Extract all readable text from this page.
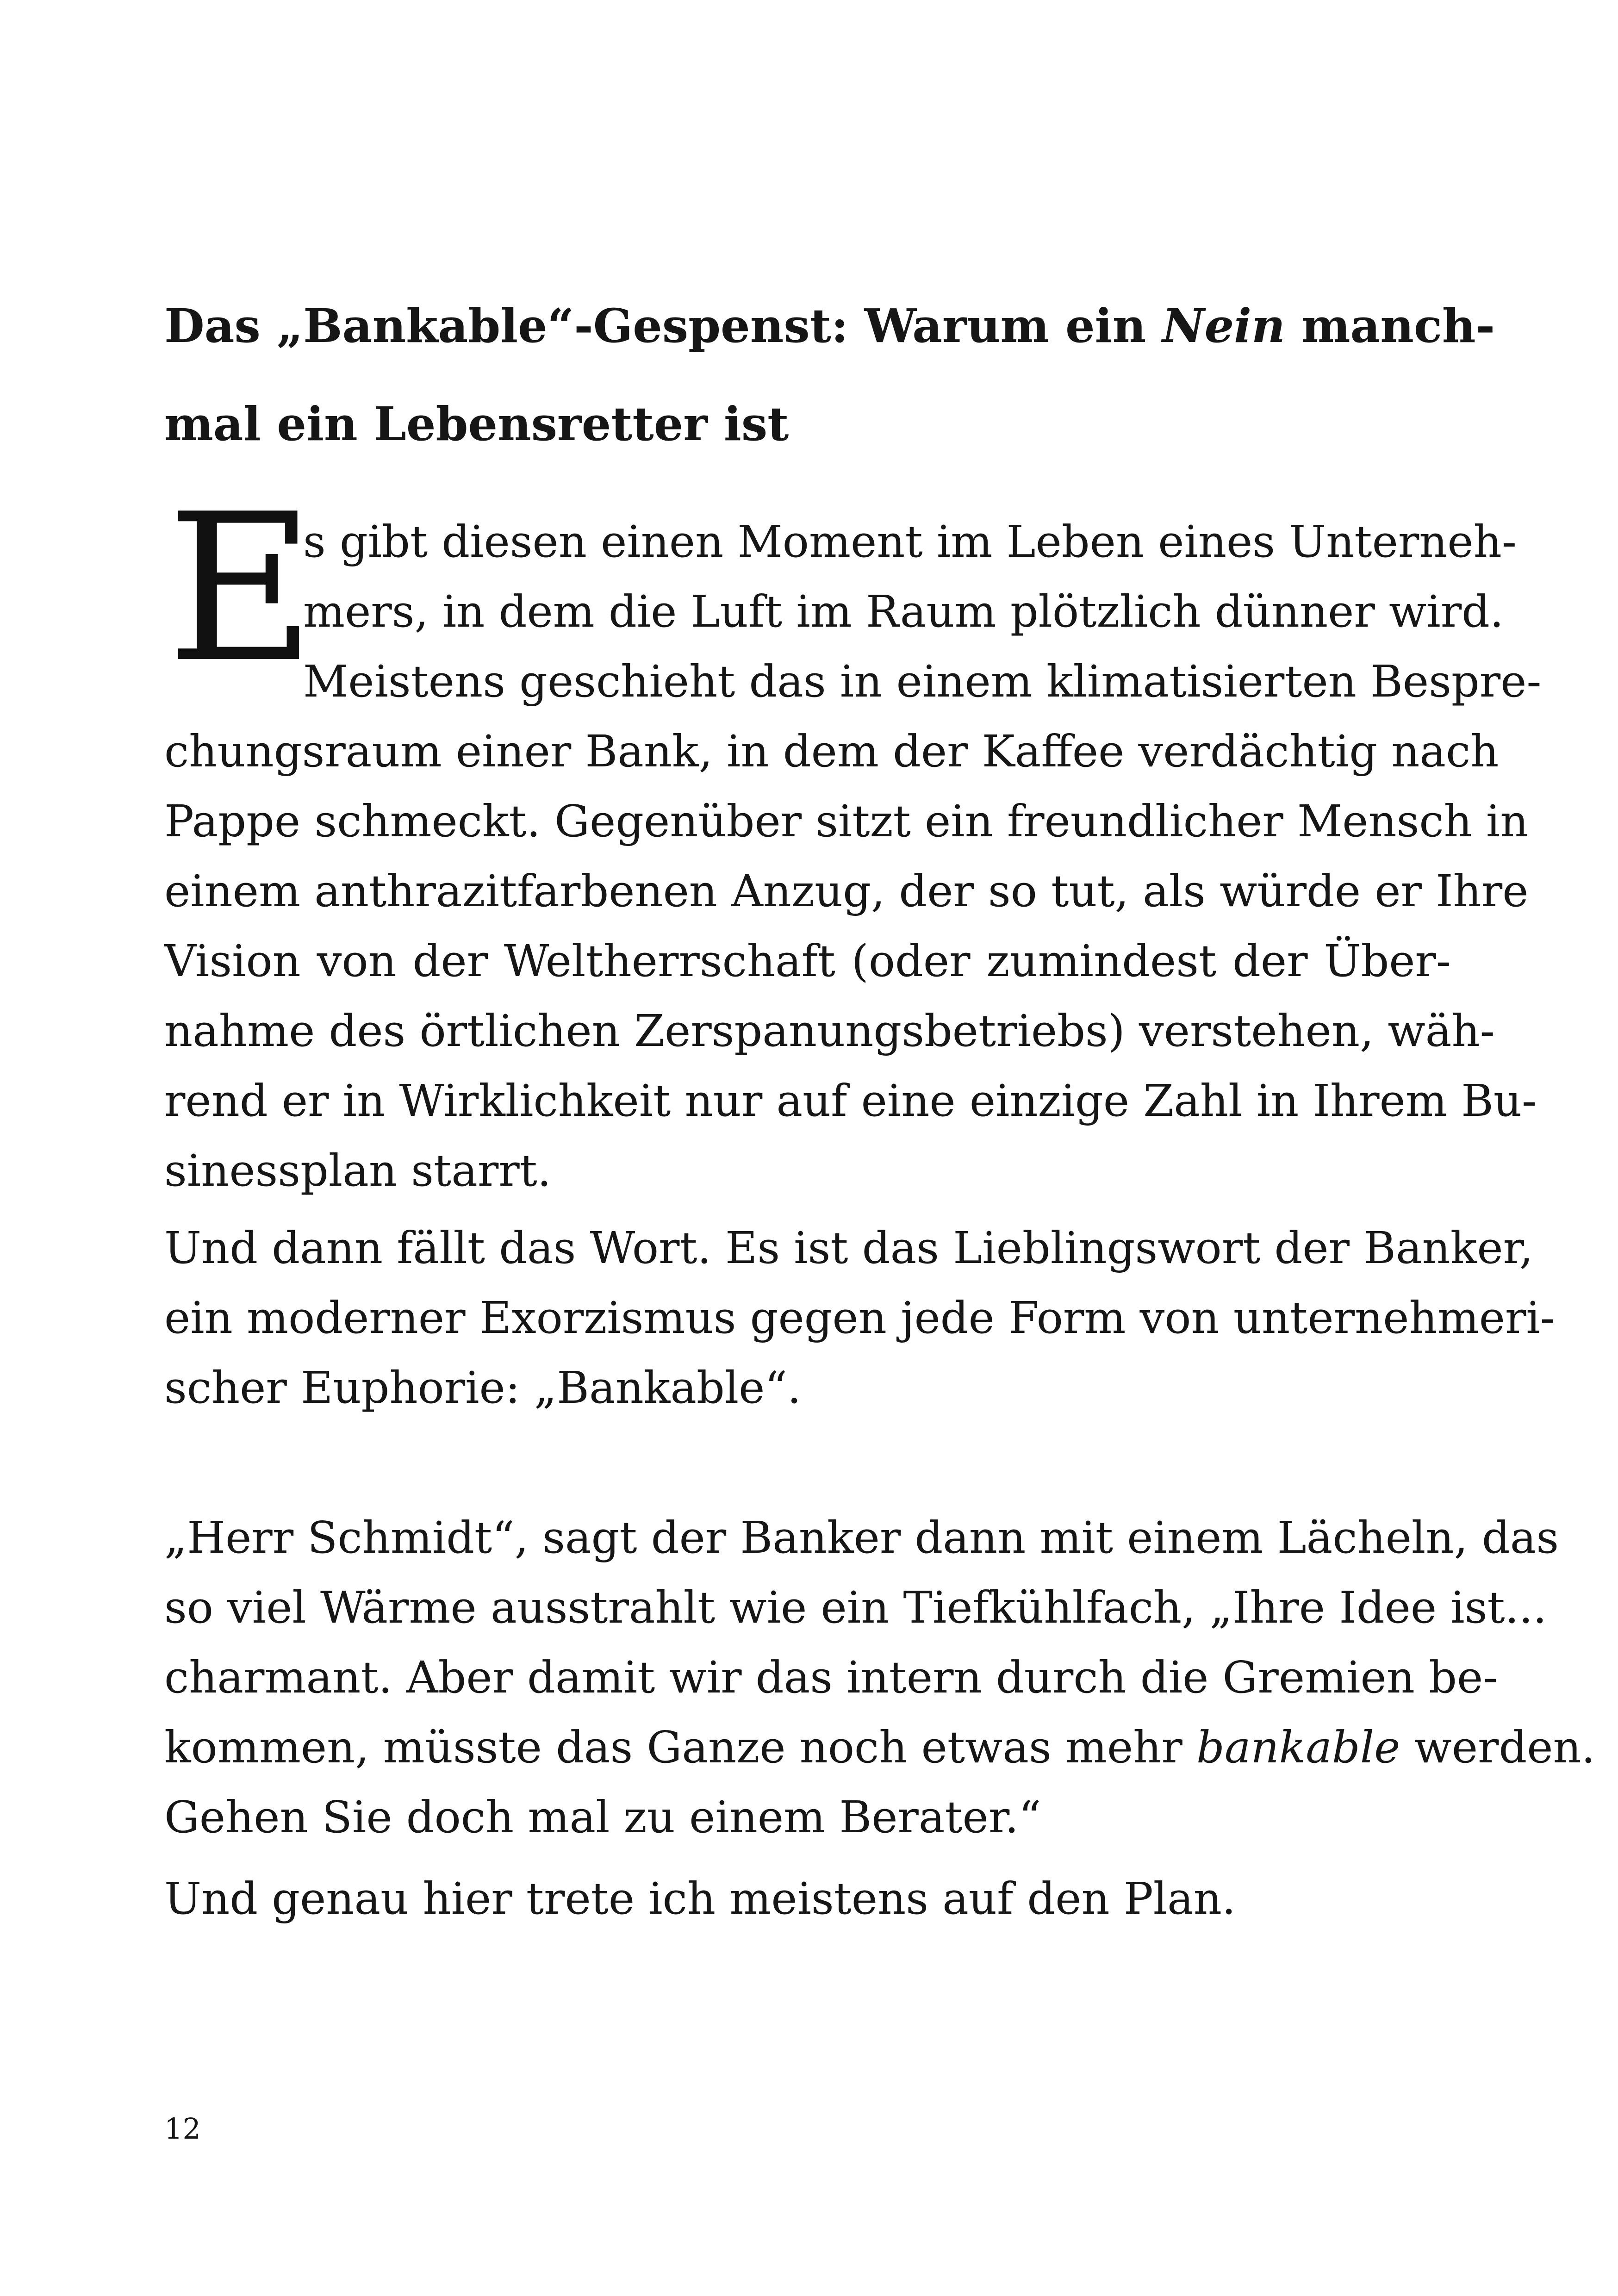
Das „Bankable“-Gespenst: Warum ein Nein manch-
mal ein Lebensretter ist
E
s gibt diesen einen Moment im Leben eines Unterneh-
mers, in dem die Luft im Raum plötzlich dünner wird.
Meistens geschieht das in einem klimatisierten Bespre-
chungsraum einer Bank, in dem der Kaffee verdächtig nach
Pappe schmeckt. Gegenüber sitzt ein freundlicher Mensch in
einem anthrazitfarbenen Anzug, der so tut, als würde er Ihre
Vision von der Weltherrschaft (oder zumindest der Über-
nahme des örtlichen Zerspanungsbetriebs) verstehen, wäh-
rend er in Wirklichkeit nur auf eine einzige Zahl in Ihrem Bu-
sinessplan starrt.
Und dann fällt das Wort. Es ist das Lieblingswort der Banker,
ein moderner Exorzismus gegen jede Form von unternehmeri-
scher Euphorie: „Bankable“.
„Herr Schmidt“, sagt der Banker dann mit einem Lächeln, das
so viel Wärme ausstrahlt wie ein Tiefkühlfach, „Ihre Idee ist...
charmant. Aber damit wir das intern durch die Gremien be-
kommen, müsste das Ganze noch etwas mehr bankable werden.
Gehen Sie doch mal zu einem Berater.“
Und genau hier trete ich meistens auf den Plan.
12
